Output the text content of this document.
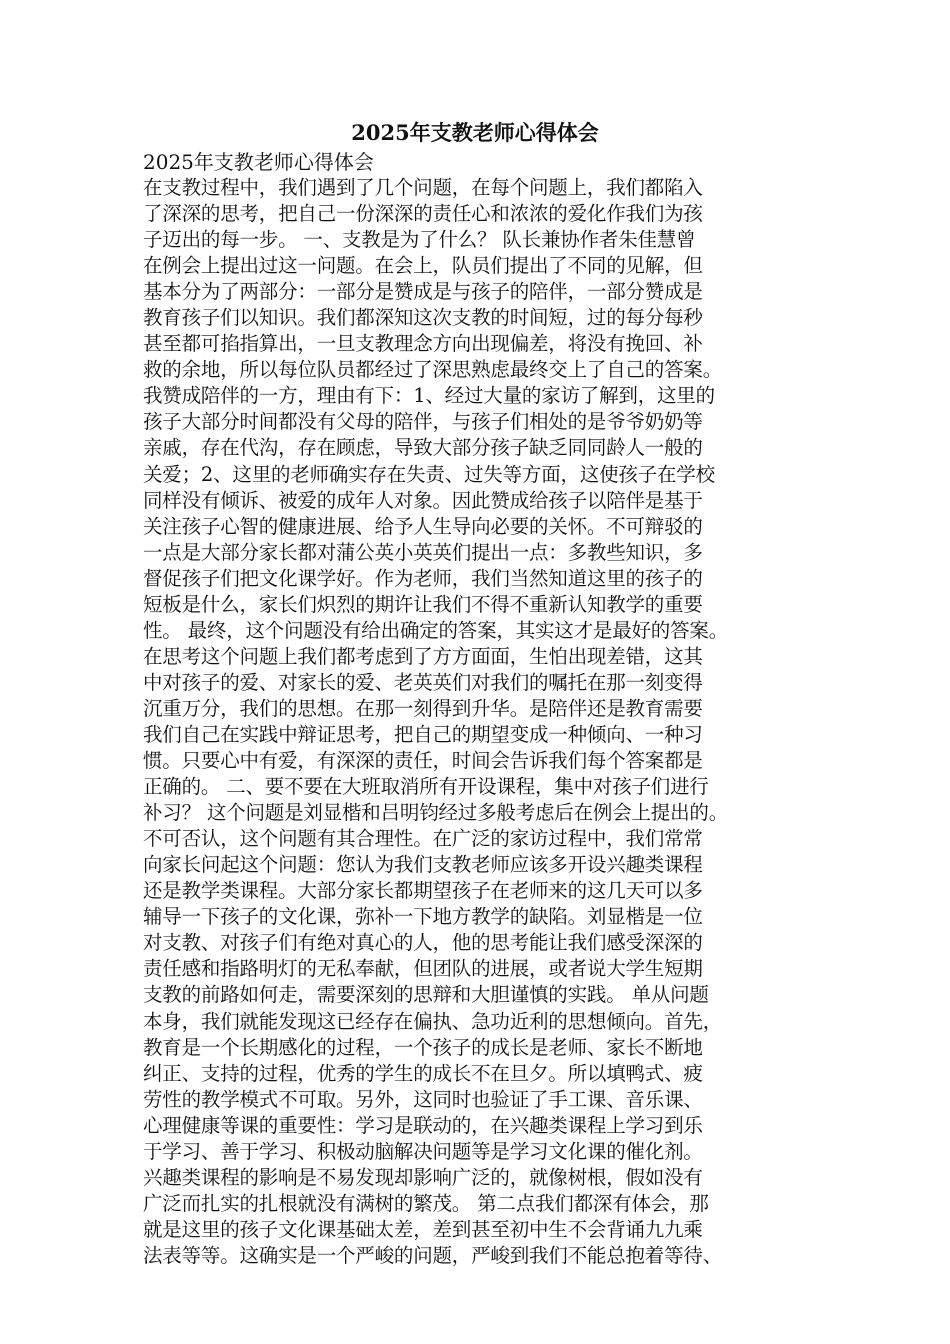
2025年支教老师心得体会
2025年支教老师心得体会
在支教过程中，我们遇到了几个问题，在每个问题上，我们都陷入
了深深的思考，把自己一份深深的责任心和浓浓的爱化作我们为孩
子迈出的每一步。 一、支教是为了什么？ 队长兼协作者朱佳慧曾
在例会上提出过这一问题。在会上，队员们提出了不同的见解，但
基本分为了两部分：一部分是赞成是与孩子的陪伴，一部分赞成是
教育孩子们以知识。我们都深知这次支教的时间短，过的每分每秒
甚至都可掐指算出，一旦支教理念方向出现偏差，将没有挽回、补
救的余地，所以每位队员都经过了深思熟虑最终交上了自己的答案。
我赞成陪伴的一方，理由有下：1、经过大量的家访了解到，这里的
孩子大部分时间都没有父母的陪伴，与孩子们相处的是爷爷奶奶等
亲戚，存在代沟，存在顾虑，导致大部分孩子缺乏同同龄人一般的
关爱；2、这里的老师确实存在失责、过失等方面，这使孩子在学校
同样没有倾诉、被爱的成年人对象。因此赞成给孩子以陪伴是基于
关注孩子心智的健康进展、给予人生导向必要的关怀。不可辩驳的
一点是大部分家长都对蒲公英小英英们提出一点：多教些知识，多
督促孩子们把文化课学好。作为老师，我们当然知道这里的孩子的
短板是什么，家长们炽烈的期许让我们不得不重新认知教学的重要
性。 最终，这个问题没有给出确定的答案，其实这才是最好的答案。
在思考这个问题上我们都考虑到了方方面面，生怕出现差错，这其
中对孩子的爱、对家长的爱、老英英们对我们的嘱托在那一刻变得
沉重万分，我们的思想。在那一刻得到升华。是陪伴还是教育需要
我们自己在实践中辩证思考，把自己的期望变成一种倾向、一种习
惯。只要心中有爱，有深深的责任，时间会告诉我们每个答案都是
正确的。 二、要不要在大班取消所有开设课程，集中对孩子们进行
补习？ 这个问题是刘显楷和吕明钧经过多般考虑后在例会上提出的。
不可否认，这个问题有其合理性。在广泛的家访过程中，我们常常
向家长问起这个问题：您认为我们支教老师应该多开设兴趣类课程
还是教学类课程。大部分家长都期望孩子在老师来的这几天可以多
辅导一下孩子的文化课，弥补一下地方教学的缺陷。刘显楷是一位
对支教、对孩子们有绝对真心的人，他的思考能让我们感受深深的
责任感和指路明灯的无私奉献，但团队的进展，或者说大学生短期
支教的前路如何走，需要深刻的思辩和大胆谨慎的实践。 单从问题
本身，我们就能发现这已经存在偏执、急功近利的思想倾向。首先，
教育是一个长期感化的过程，一个孩子的成长是老师、家长不断地
纠正、支持的过程，优秀的学生的成长不在旦夕。所以填鸭式、疲
劳性的教学模式不可取。另外，这同时也验证了手工课、音乐课、
心理健康等课的重要性：学习是联动的，在兴趣类课程上学习到乐
于学习、善于学习、积极动脑解决问题等是学习文化课的催化剂。
兴趣类课程的影响是不易发现却影响广泛的，就像树根，假如没有
广泛而扎实的扎根就没有满树的繁茂。 第二点我们都深有体会，那
就是这里的孩子文化课基础太差，差到甚至初中生不会背诵九九乘
法表等等。这确实是一个严峻的问题，严峻到我们不能总抱着等待、
